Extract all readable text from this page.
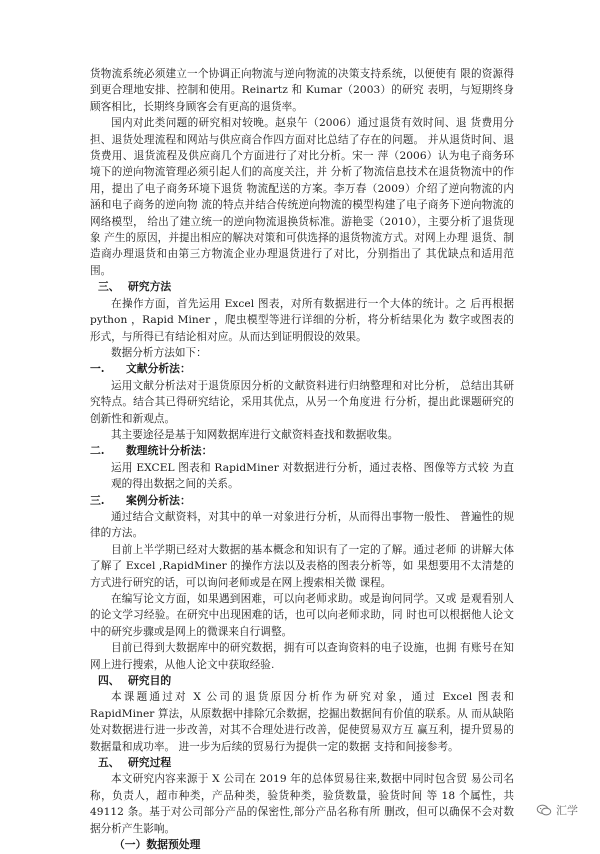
货物流系统必须建立一个协调正向物流与逆向物流的决策支持系统，以便使有 限的资源得到更合理地安排、控制和使用。Reinartz 和 Kumar（2003）的研究 表明，与短期终身顾客相比，长期终身顾客会有更高的退货率。

国内对此类问题的研究相对较晚。赵泉午（2006）通过退货有效时间、退 货费用分担、退货处理流程和网站与供应商合作四方面对比总结了存在的问题。 并从退货时间、退货费用、退货流程及供应商几个方面进行了对比分析。宋一 萍（2006）认为电子商务环境下的逆向物流管理必须引起人们的高度关注，并 分析了物流信息技术在退货物流中的作用，提出了电子商务环境下退货 物流配送的方案。李万春（2009）介绍了逆向物流的内涵和电子商务的逆向物 流的特点并结合传统逆向物流的模型构建了电子商务下逆向物流的网络模型， 给出了建立统一的逆向物流退换货标准。游艳雯（2010），主要分析了退货现象 产生的原因，并提出相应的解决对策和可供选择的退货物流方式。对网上办理 退货、制造商办理退货和由第三方物流企业办理退货进行了对比，分别指出了 其优缺点和适用范围。

三、 研究方法

在操作方面，首先运用 Excel 图表，对所有数据进行一个大体的统计。之 后再根据 python ，Rapid Miner ，爬虫模型等进行详细的分析，将分析结果化为 数字或图表的形式，与所得已有结论相对应。从而达到证明假设的效果。

数据分析方法如下：

一. 文献分析法：

运用文献分析法对于退货原因分析的文献资料进行归纳整理和对比分析， 总结出其研究特点。结合其已得研究结论，采用其优点，从另一个角度进 行分析，提出此课题研究的创新性和新观点。

其主要途径是基于知网数据库进行文献资料查找和数据收集。

二. 数理统计分析法：

运用 EXCEL 图表和 RapidMiner 对数据进行分析，通过表格、图像等方式较 为直观的得出数据之间的关系。

三. 案例分析法：

通过结合文献资料，对其中的单一对象进行分析，从而得出事物一般性、 普遍性的规律的方法。

目前上半学期已经对大数据的基本概念和知识有了一定的了解。通过老师 的讲解大体了解了 Excel ,RapidMiner 的操作方法以及表格的图表分析等，如 果想要用不太清楚的方式进行研究的话，可以询问老师或是在网上搜索相关微 课程。

在编写论文方面，如果遇到困难，可以向老师求助。或是询问同学。又或 是观看别人的论文学习经验。在研究中出现困难的话，也可以向老师求助，同 时也可以根据他人论文中的研究步骤或是网上的微课来自行调整。

目前已得到大数据库中的研究数据，拥有可以查询资料的电子设施，也拥 有账号在知网上进行搜索，从他人论文中获取经验.

四、 研究目的

本课题通过对 X 公司的退货原因分析作为研究对象，通过 Excel 图表和 RapidMiner 算法，从原数据中排除冗余数据，挖掘出数据间有价值的联系。从 而从缺陷处对数据进行进一步改善，对其不合理处进行改善，促使贸易双方互 赢互利，提升贸易的数据量和成功率。 进一步为后续的贸易行为提供一定的数据 支持和间接参考。

五、 研究过程

本文研究内容来源于 X 公司在 2019 年的总体贸易往来,数据中同时包含贸 易公司名称，负责人，超市种类，产品种类，验货种类，验货数量，验货时间 等 18 个属性，共 49112 条。基于对公司部分产品的保密性,部分产品名称有所 删改，但可以确保不会对数据分析产生影响。

（一）数据预处理
汇学
